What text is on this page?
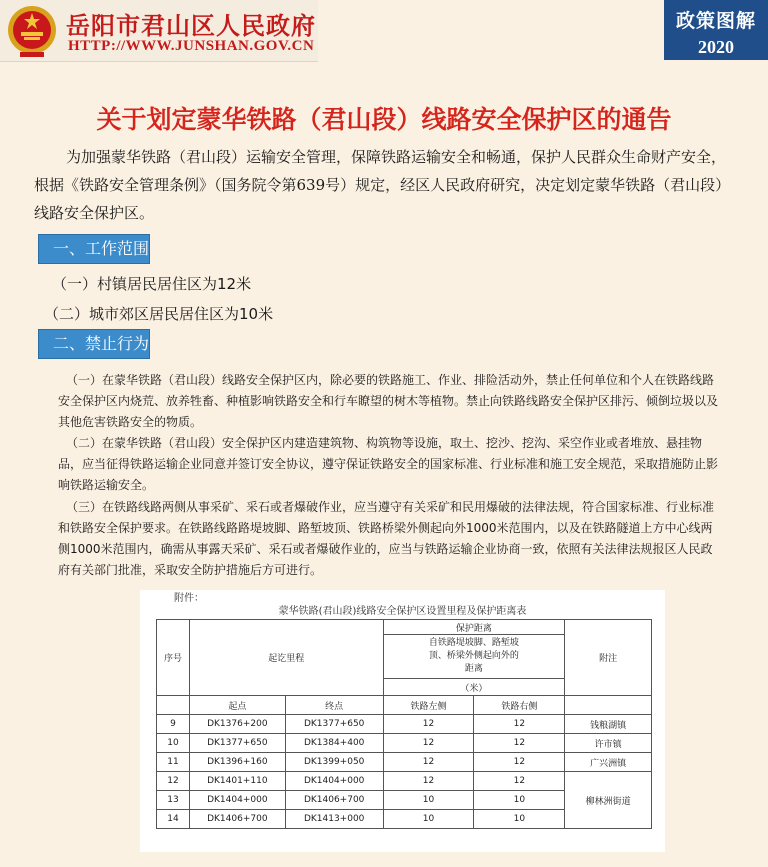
岳阳市君山区人民政府
HTTP://WWW.JUNSHAN.GOV.CN
政策图解
2020
关于划定蒙华铁路（君山段）线路安全保护区的通告
为加强蒙华铁路（君山段）运输安全管理，保障铁路运输安全和畅通，保护人民群众生命财产安全，根据《铁路安全管理条例》（国务院令第639号）规定，经区人民政府研究，决定划定蒙华铁路（君山段）线路安全保护区。
一、工作范围
（一）村镇居民居住区为12米
（二）城市郊区居民居住区为10米
二、禁止行为
（一）在蒙华铁路（君山段）线路安全保护区内，除必要的铁路施工、作业、排险活动外，禁止任何单位和个人在铁路线路安全保护区内烧荒、放养牲畜、种植影响铁路安全和行车瞭望的树木等植物。禁止向铁路线路安全保护区排污、倾倒垃圾以及其他危害铁路安全的物质。
（二）在蒙华铁路（君山段）安全保护区内建造建筑物、构筑物等设施，取土、挖沙、挖沟、采空作业或者堆放、悬挂物品，应当征得铁路运输企业同意并签订安全协议，遵守保证铁路安全的国家标准、行业标准和施工安全规范，采取措施防止影响铁路运输安全。
（三）在铁路线路两侧从事采矿、采石或者爆破作业，应当遵守有关采矿和民用爆破的法律法规，符合国家标准、行业标准和铁路安全保护要求。在铁路线路路堤坡脚、路堑坡顶、铁路桥梁外侧起向外1000米范围内，以及在铁路隧道上方中心线两侧1000米范围内，确需从事露天采矿、采石或者爆破作业的，应当与铁路运输企业协商一致，依照有关法律法规报区人民政府有关部门批准，采取安全防护措施后方可进行。
附件：
蒙华铁路(君山段)线路安全保护区设置里程及保护距离表
序号	起讫里程		保护距离		附注
			自铁路堤坡脚、路堑坡顶、桥梁外侧起向外的距离		
			（米）		
	起点	终点	铁路左侧	铁路右侧	
9	DK1376+200	DK1377+650	12	12	钱粮湖镇
10	DK1377+650	DK1384+400	12	12	许市镇
11	DK1396+160	DK1399+050	12	12	广兴洲镇
12	DK1401+110	DK1404+000	12	12	柳林洲街道
13	DK1404+000	DK1406+700	10	10	
14	DK1406+700	DK1413+000	10	10	
